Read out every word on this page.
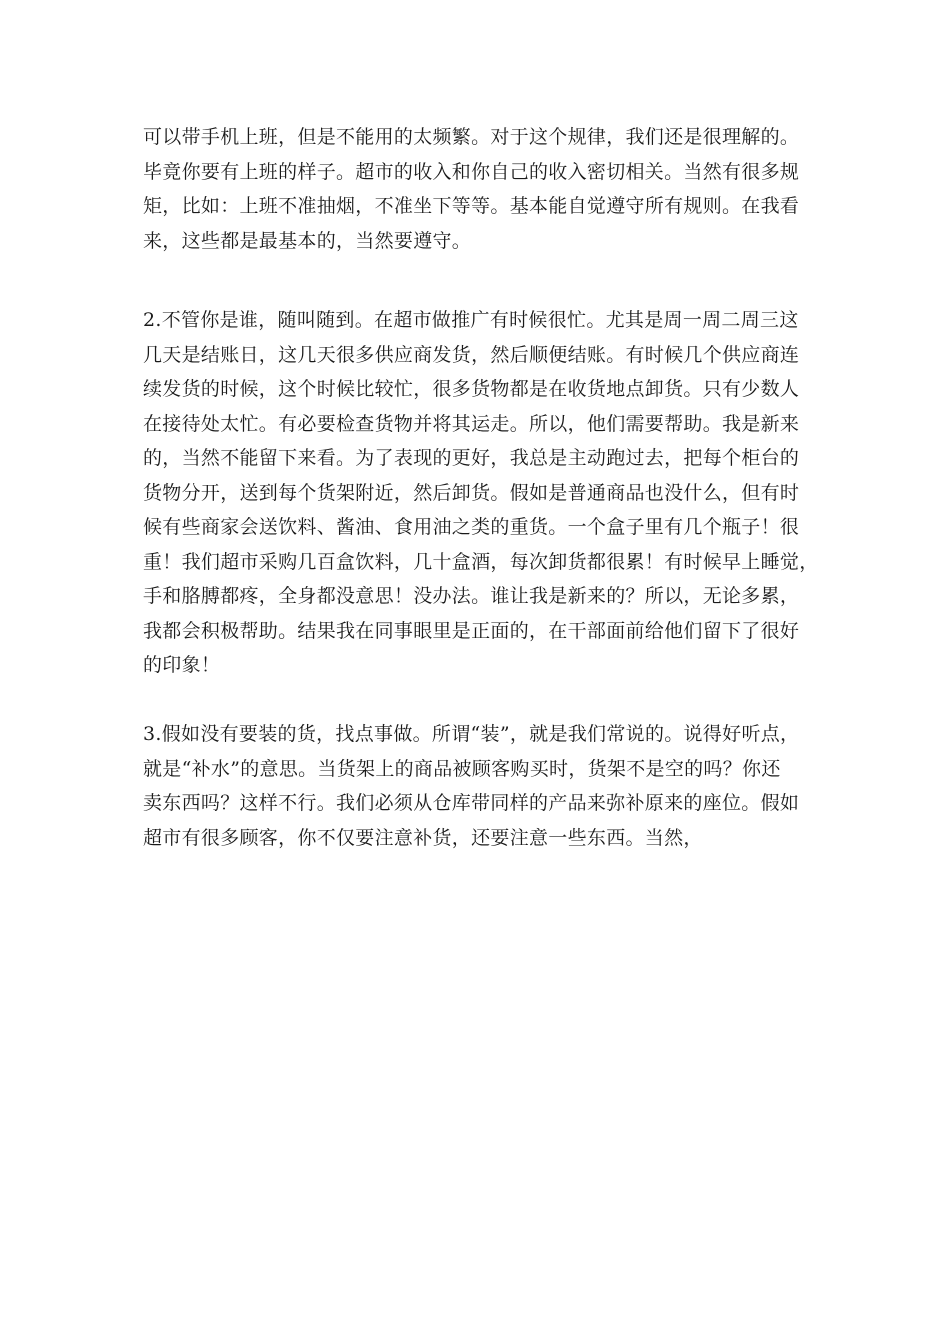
可以带手机上班，但是不能用的太频繁。对于这个规律，我们还是很理解的。
毕竟你要有上班的样子。超市的收入和你自己的收入密切相关。当然有很多规
矩，比如：上班不准抽烟，不准坐下等等。基本能自觉遵守所有规则。在我看
来，这些都是最基本的，当然要遵守。
2.不管你是谁，随叫随到。在超市做推广有时候很忙。尤其是周一周二周三这
几天是结账日，这几天很多供应商发货，然后顺便结账。有时候几个供应商连
续发货的时候，这个时候比较忙，很多货物都是在收货地点卸货。只有少数人
在接待处太忙。有必要检查货物并将其运走。所以，他们需要帮助。我是新来
的，当然不能留下来看。为了表现的更好，我总是主动跑过去，把每个柜台的
货物分开，送到每个货架附近，然后卸货。假如是普通商品也没什么，但有时
候有些商家会送饮料、酱油、食用油之类的重货。一个盒子里有几个瓶子！很
重！我们超市采购几百盒饮料，几十盒酒，每次卸货都很累！有时候早上睡觉，
手和胳膊都疼，全身都没意思！没办法。谁让我是新来的？所以，无论多累，
我都会积极帮助。结果我在同事眼里是正面的，在干部面前给他们留下了很好
的印象！
3.假如没有要装的货，找点事做。所谓“装”，就是我们常说的。说得好听点，
就是“补水”的意思。当货架上的商品被顾客购买时，货架不是空的吗？你还
卖东西吗？这样不行。我们必须从仓库带同样的产品来弥补原来的座位。假如
超市有很多顾客，你不仅要注意补货，还要注意一些东西。当然，
